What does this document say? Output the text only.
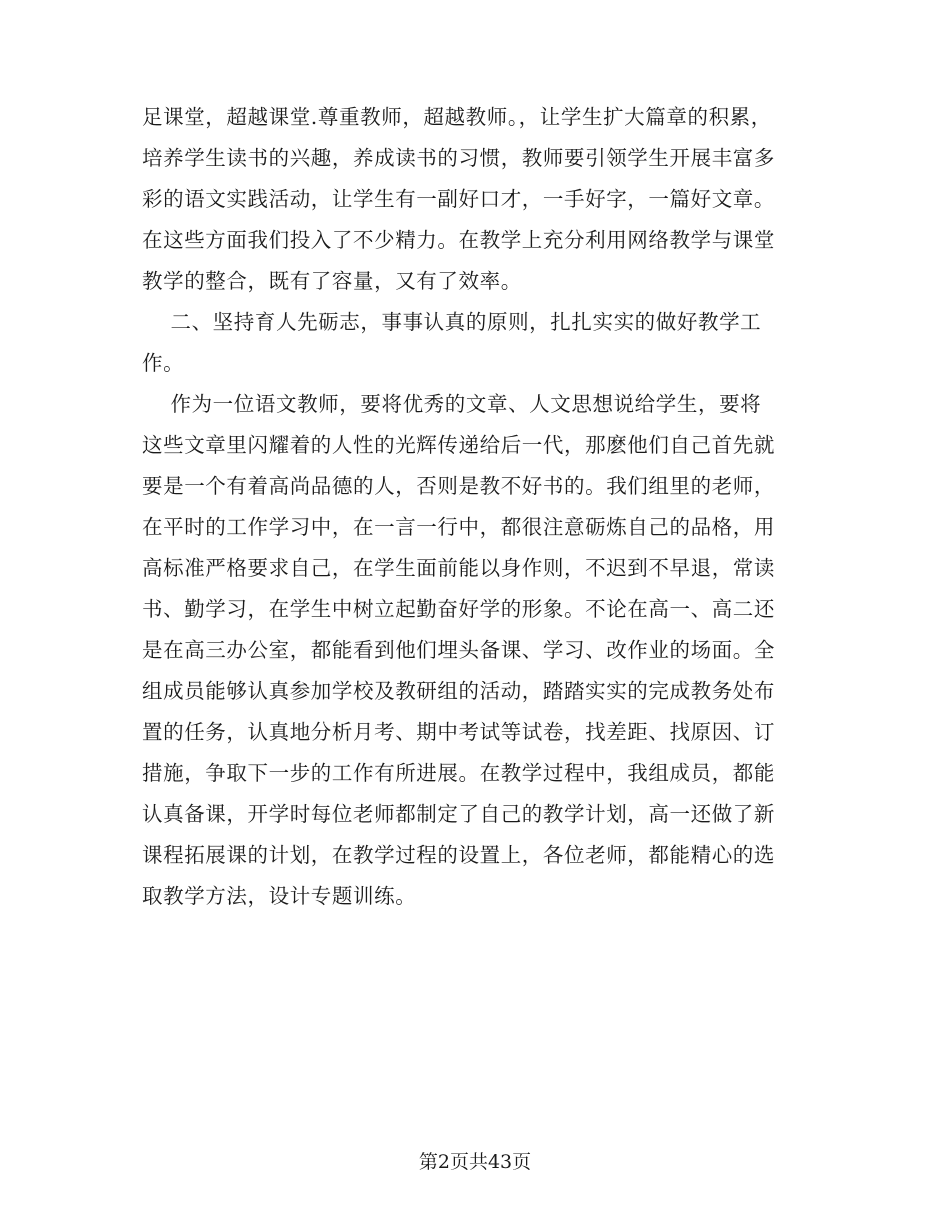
足课堂，超越课堂.尊重教师，超越教师。，让学生扩大篇章的积累，
培养学生读书的兴趣，养成读书的习惯，教师要引领学生开展丰富多
彩的语文实践活动，让学生有一副好口才，一手好字，一篇好文章。
在这些方面我们投入了不少精力。在教学上充分利用网络教学与课堂
教学的整合，既有了容量，又有了效率。
二、坚持育人先砺志，事事认真的原则，扎扎实实的做好教学工
作。
作为一位语文教师，要将优秀的文章、人文思想说给学生，要将
这些文章里闪耀着的人性的光辉传递给后一代，那麽他们自己首先就
要是一个有着高尚品德的人，否则是教不好书的。我们组里的老师，
在平时的工作学习中，在一言一行中，都很注意砺炼自己的品格，用
高标准严格要求自己，在学生面前能以身作则，不迟到不早退，常读
书、勤学习，在学生中树立起勤奋好学的形象。不论在高一、高二还
是在高三办公室，都能看到他们埋头备课、学习、改作业的场面。全
组成员能够认真参加学校及教研组的活动，踏踏实实的完成教务处布
置的任务，认真地分析月考、期中考试等试卷，找差距、找原因、订
措施，争取下一步的工作有所进展。在教学过程中，我组成员，都能
认真备课，开学时每位老师都制定了自己的教学计划，高一还做了新
课程拓展课的计划，在教学过程的设置上，各位老师，都能精心的选
取教学方法，设计专题训练。
第2页共43页
